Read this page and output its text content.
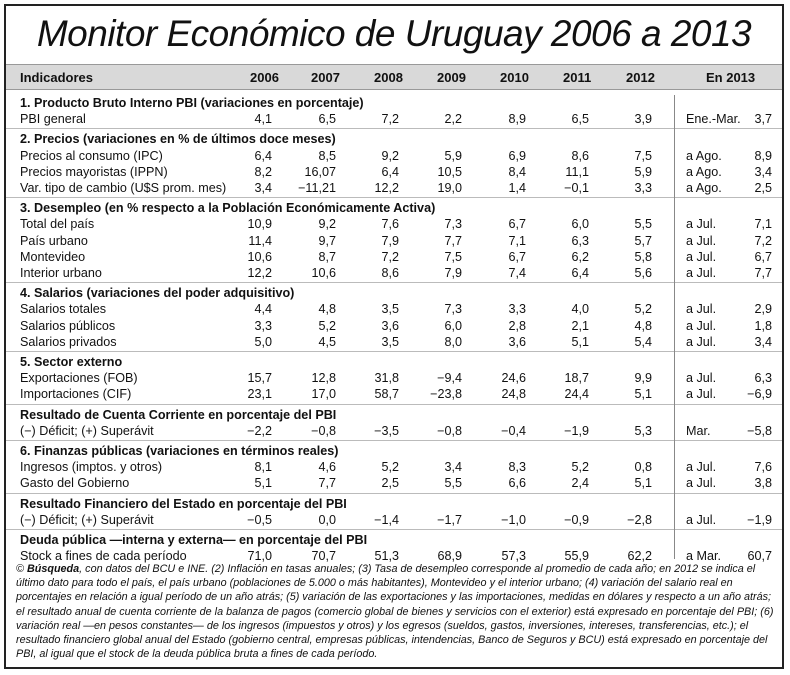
Monitor Económico de Uruguay 2006 a 2013
Indicadores	2006 2007	2008	2009	2010	2011	2012	En 2013
1. Producto Bruto Interno PBI (variaciones en porcentaje)
PBI general	4,1	6,5	7,2	2,2	8,9	6,5	3,9	Ene.-Mar.	3,7
2. Precios (variaciones en % de últimos doce meses)
Precios al consumo (IPC)	6,4	8,5	9,2	5,9	6,9	8,6	7,5	a Ago.	8,9
Precios mayoristas (IPPN)	8,2	16,07	6,4	10,5	8,4	11,1	5,9	a Ago.	3,4
Var. tipo de cambio (U$S prom. mes)	3,4	−11,21	12,2	19,0	1,4	−0,1	3,3	a Ago.	2,5
3. Desempleo (en % respecto a la Población Económicamente Activa)
Total del país	10,9	9,2	7,6	7,3	6,7	6,0	5,5	a Jul.	7,1
País urbano	11,4	9,7	7,9	7,7	7,1	6,3	5,7	a Jul.	7,2
Montevideo	10,6	8,7	7,2	7,5	6,7	6,2	5,8	a Jul.	6,7
Interior urbano	12,2	10,6	8,6	7,9	7,4	6,4	5,6	a Jul.	7,7
4. Salarios (variaciones del poder adquisitivo)
Salarios totales	4,4	4,8	3,5	7,3	3,3	4,0	5,2	a Jul.	2,9
Salarios públicos	3,3	5,2	3,6	6,0	2,8	2,1	4,8	a Jul.	1,8
Salarios privados	5,0	4,5	3,5	8,0	3,6	5,1	5,4	a Jul.	3,4
5. Sector externo
Exportaciones (FOB)	15,7	12,8	31,8	−9,4	24,6	18,7	9,9	a Jul.	6,3
Importaciones (CIF)	23,1	17,0	58,7	−23,8	24,8	24,4	5,1	a Jul.	−6,9
Resultado de Cuenta Corriente en porcentaje del PBI
(−) Déficit; (+) Superávit	−2,2	−0,8	−3,5	−0,8	−0,4	−1,9	5,3	Mar.	−5,8
6. Finanzas públicas (variaciones en términos reales)
Ingresos (imptos. y otros)	8,1	4,6	5,2	3,4	8,3	5,2	0,8	a Jul.	7,6
Gasto del Gobierno	5,1	7,7	2,5	5,5	6,6	2,4	5,1	a Jul.	3,8
Resultado Financiero del Estado en porcentaje del PBI
(−) Déficit; (+) Superávit	−0,5	0,0	−1,4	−1,7	−1,0	−0,9	−2,8	a Jul.	−1,9
Deuda pública —interna y externa— en porcentaje del PBI
Stock a fines de cada período	71,0	70,7	51,3	68,9	57,3	55,9	62,2	a Mar.	60,7
© Búsqueda, con datos del BCU e INE. (2) Inflación en tasas anuales; (3) Tasa de desempleo corresponde al promedio de cada año; en 2012 se indica el último dato para todo el país, el país urbano (poblaciones de 5.000 o más habitantes), Montevideo y el interior urbano; (4) variación del salario real en porcentajes en relación a igual período de un año atrás; (5) variación de las exportaciones y las importaciones, medidas en dólares y respecto a un año atrás; el resultado anual de cuenta corriente de la balanza de pagos (comercio global de bienes y servicios con el exterior) está expresado en porcentaje del PBI; (6) variación real —en pesos constantes— de los ingresos (impuestos y otros) y los egresos (sueldos, gastos, inversiones, intereses, transferencias, etc.); el resultado financiero global anual del Estado (gobierno central, empresas públicas, intendencias, Banco de Seguros y BCU) está expresado en porcentaje del PBI, al igual que el stock de la deuda pública bruta a fines de cada período.
